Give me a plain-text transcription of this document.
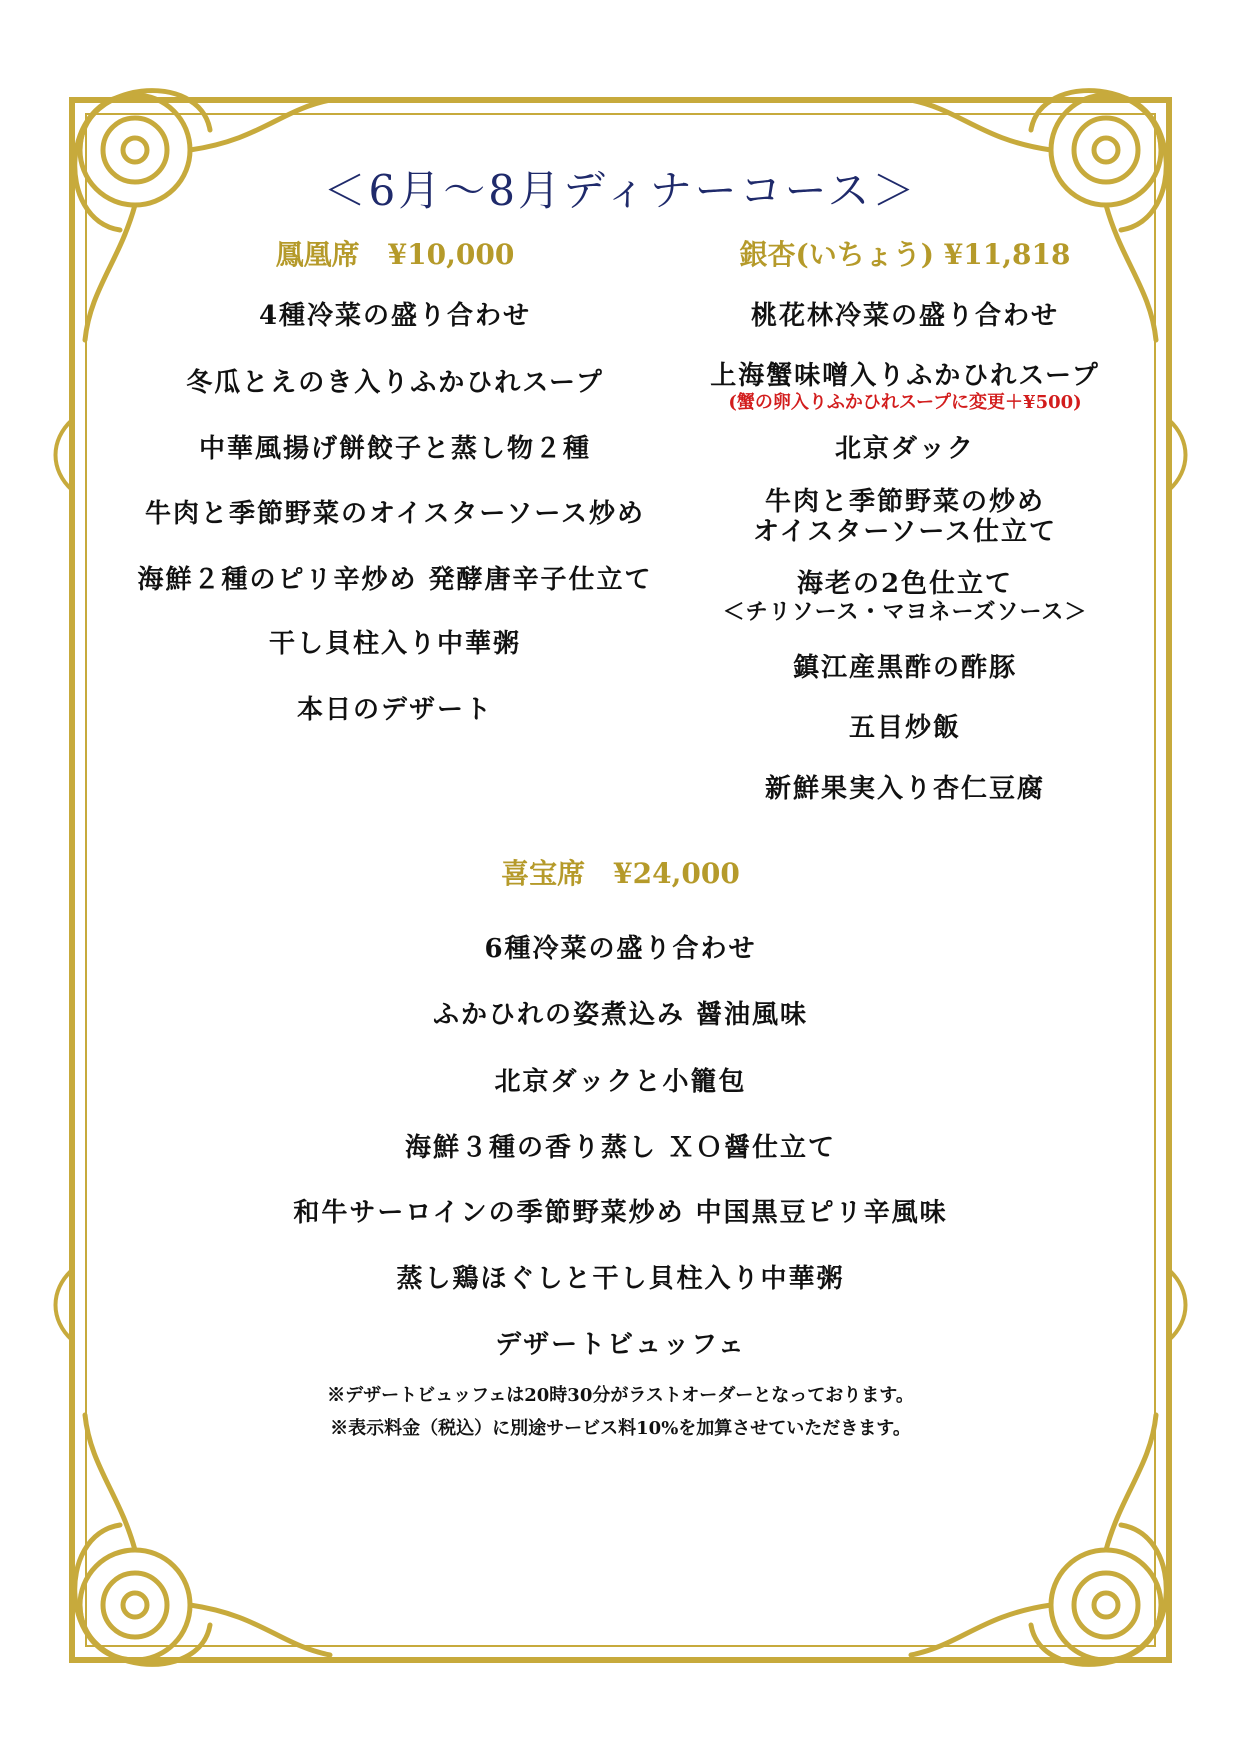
＜6月～8月ディナーコース＞
鳳凰席　¥10,000
4種冷菜の盛り合わせ
冬瓜とえのき入りふかひれスープ
中華風揚げ餅餃子と蒸し物２種
牛肉と季節野菜のオイスターソース炒め
海鮮２種のピリ辛炒め 発酵唐辛子仕立て
干し貝柱入り中華粥
本日のデザート
銀杏(いちょう) ¥11,818
桃花林冷菜の盛り合わせ
上海蟹味噌入りふかひれスープ
(蟹の卵入りふかひれスープに変更＋¥500)
北京ダック
牛肉と季節野菜の炒め
オイスターソース仕立て
海老の2色仕立て
＜チリソース・マヨネーズソース＞
鎮江産黒酢の酢豚
五目炒飯
新鮮果実入り杏仁豆腐
喜宝席　¥24,000
6種冷菜の盛り合わせ
ふかひれの姿煮込み 醤油風味
北京ダックと小籠包
海鮮３種の香り蒸し ＸＯ醤仕立て
和牛サーロインの季節野菜炒め 中国黒豆ピリ辛風味
蒸し鶏ほぐしと干し貝柱入り中華粥
デザートビュッフェ
※デザートビュッフェは20時30分がラストオーダーとなっております。
※表示料金（税込）に別途サービス料10%を加算させていただきます。
